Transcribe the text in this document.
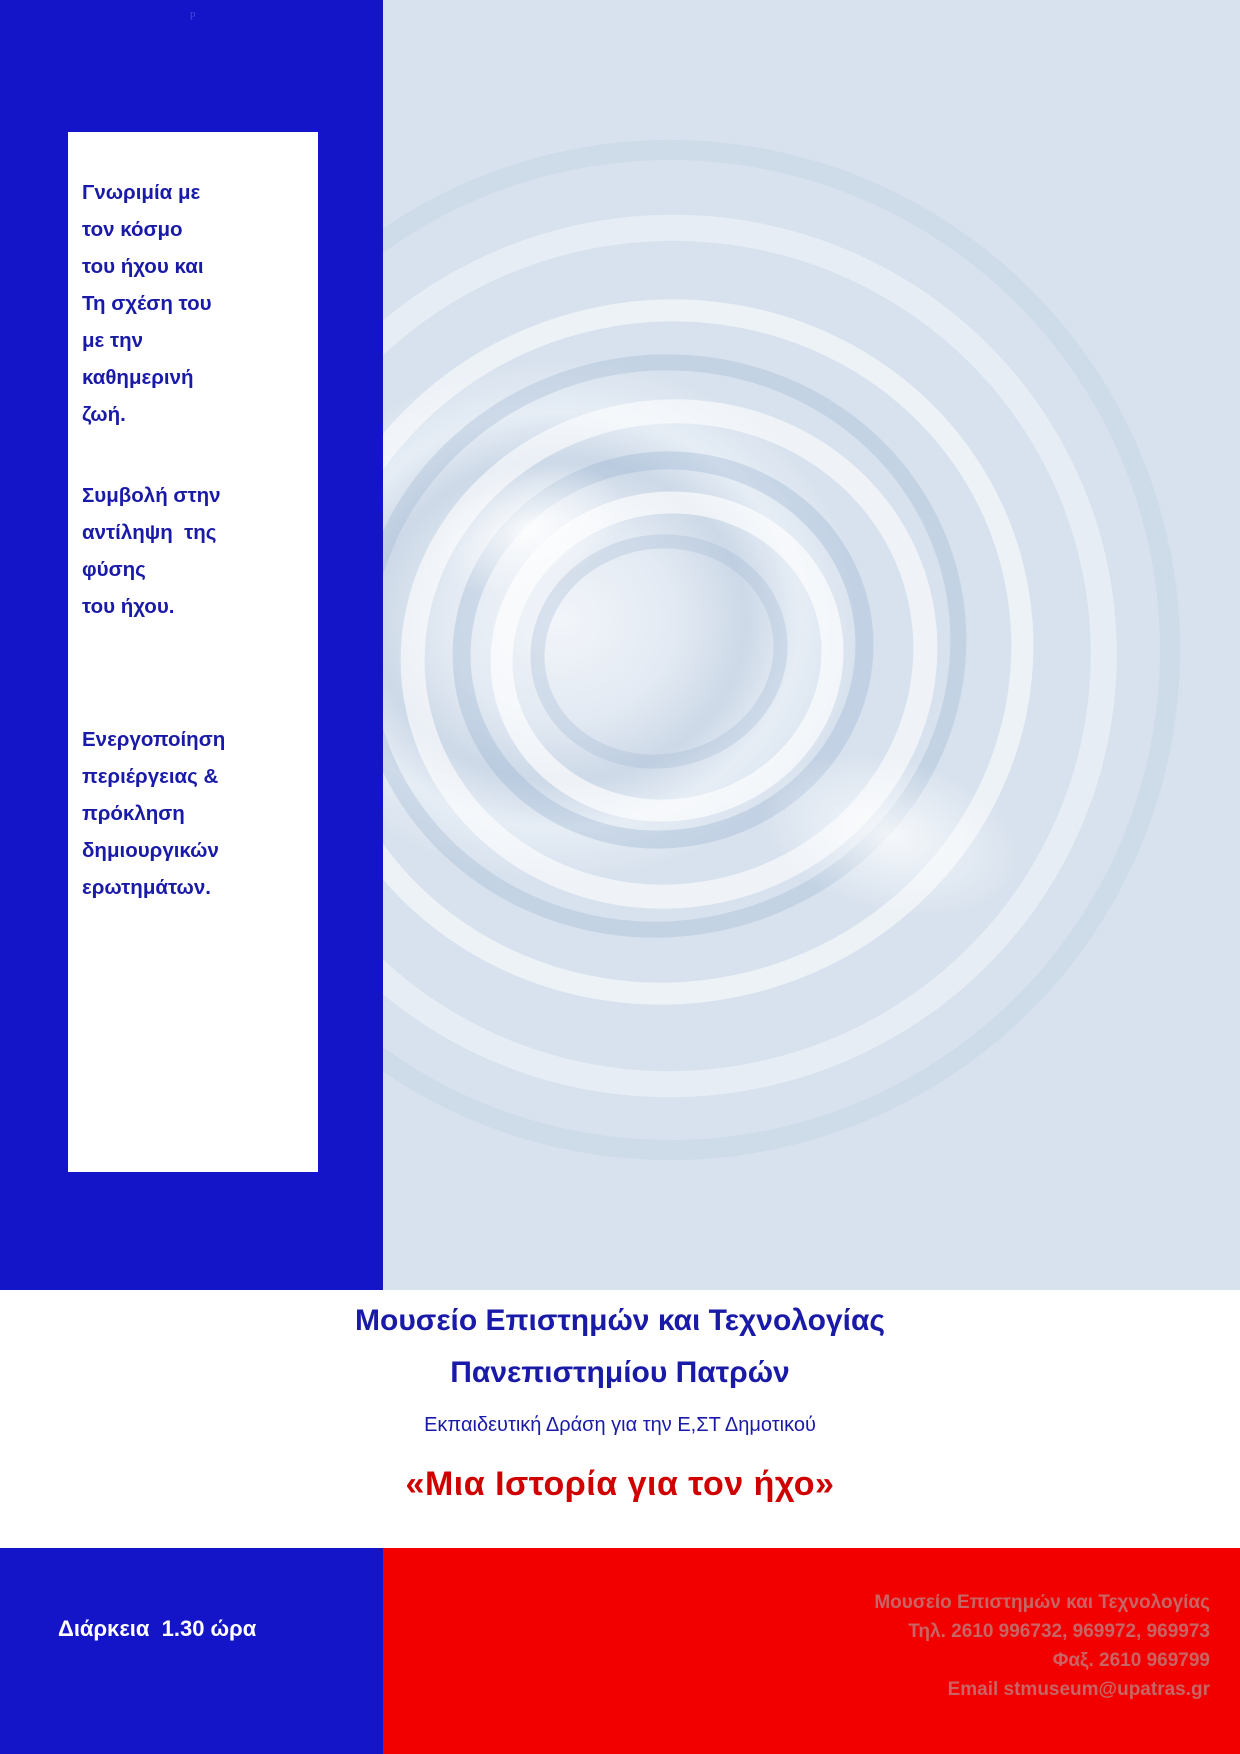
p
Γνωριμία με
τον κόσμο
του ήχου και
Τη σχέση του
με την
καθημερινή
ζωή.
Συμβολή στην
αντίληψη  της
φύσης
του ήχου.
Ενεργοποίηση
περιέργειας &
πρόκληση
δημιουργικών
ερωτημάτων.
Μουσείο Επιστημών και Τεχνολογίας
Πανεπιστημίου Πατρών
Εκπαιδευτική Δράση για την Ε,ΣΤ Δημοτικού
«Μια Ιστορία για τον ήχο»
Διάρκεια  1.30 ώρα
Μουσείο Επιστημών και Τεχνολογίας
Τηλ. 2610 996732, 969972, 969973
Φαξ. 2610 969799
Email stmuseum@upatras.gr
